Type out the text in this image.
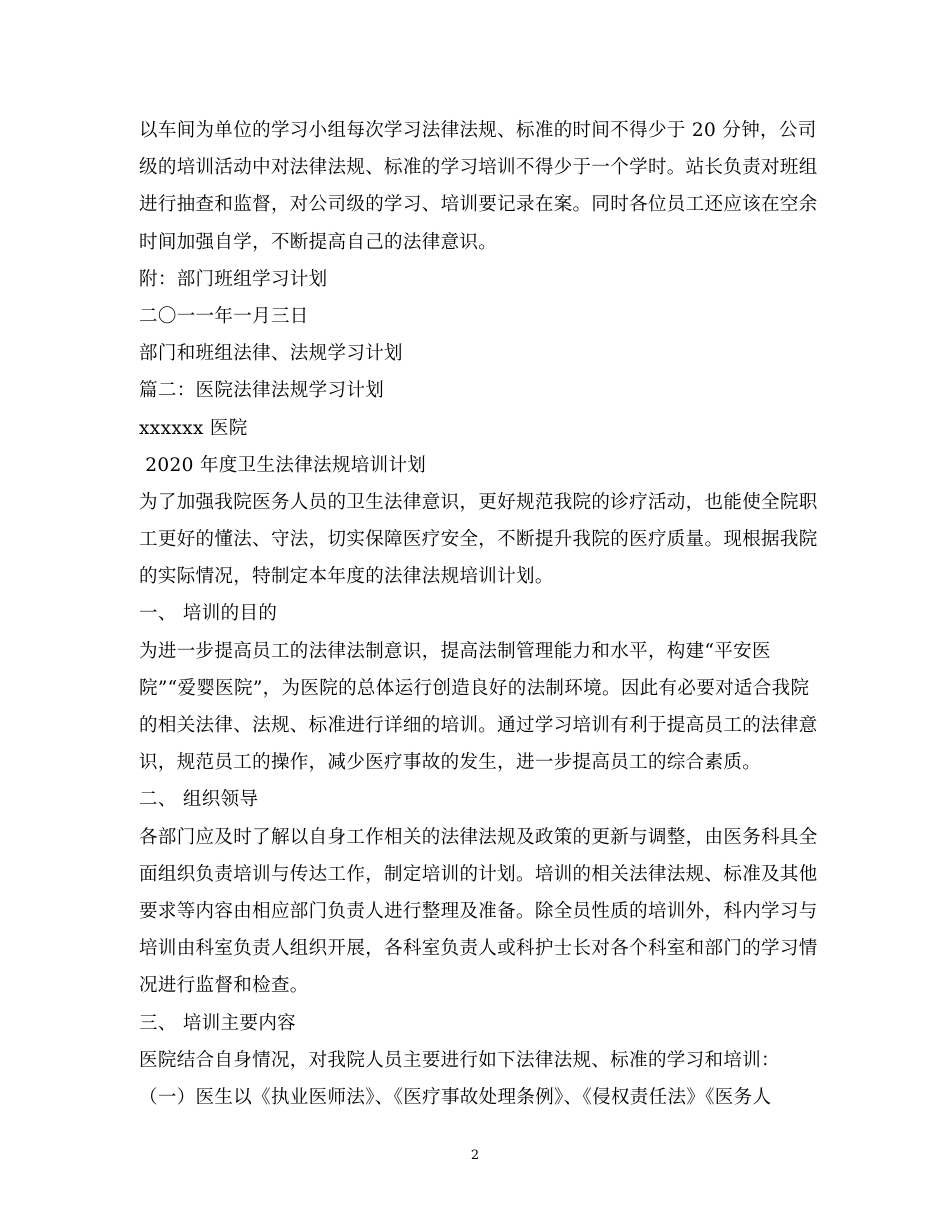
以车间为单位的学习小组每次学习法律法规、标准的时间不得少于 20 分钟，公司
级的培训活动中对法律法规、标准的学习培训不得少于一个学时。站长负责对班组
进行抽查和监督，对公司级的学习、培训要记录在案。同时各位员工还应该在空余
时间加强自学，不断提高自己的法律意识。
附：部门班组学习计划
二〇一一年一月三日
部门和班组法律、法规学习计划
篇二：医院法律法规学习计划
xxxxxx 医院
2020 年度卫生法律法规培训计划
为了加强我院医务人员的卫生法律意识，更好规范我院的诊疗活动，也能使全院职
工更好的懂法、守法，切实保障医疗安全，不断提升我院的医疗质量。现根据我院
的实际情况，特制定本年度的法律法规培训计划。
一、 培训的目的
为进一步提高员工的法律法制意识，提高法制管理能力和水平，构建“平安医
院”“爱婴医院”，为医院的总体运行创造良好的法制环境。因此有必要对适合我院
的相关法律、法规、标准进行详细的培训。通过学习培训有利于提高员工的法律意
识，规范员工的操作，减少医疗事故的发生，进一步提高员工的综合素质。
二、 组织领导
各部门应及时了解以自身工作相关的法律法规及政策的更新与调整，由医务科具全
面组织负责培训与传达工作，制定培训的计划。培训的相关法律法规、标准及其他
要求等内容由相应部门负责人进行整理及准备。除全员性质的培训外，科内学习与
培训由科室负责人组织开展，各科室负责人或科护士长对各个科室和部门的学习情
况进行监督和检查。
三、 培训主要内容
医院结合自身情况，对我院人员主要进行如下法律法规、标准的学习和培训：
（一）医生以《执业医师法》、《医疗事故处理条例》、《侵权责任法》《医务人
2
